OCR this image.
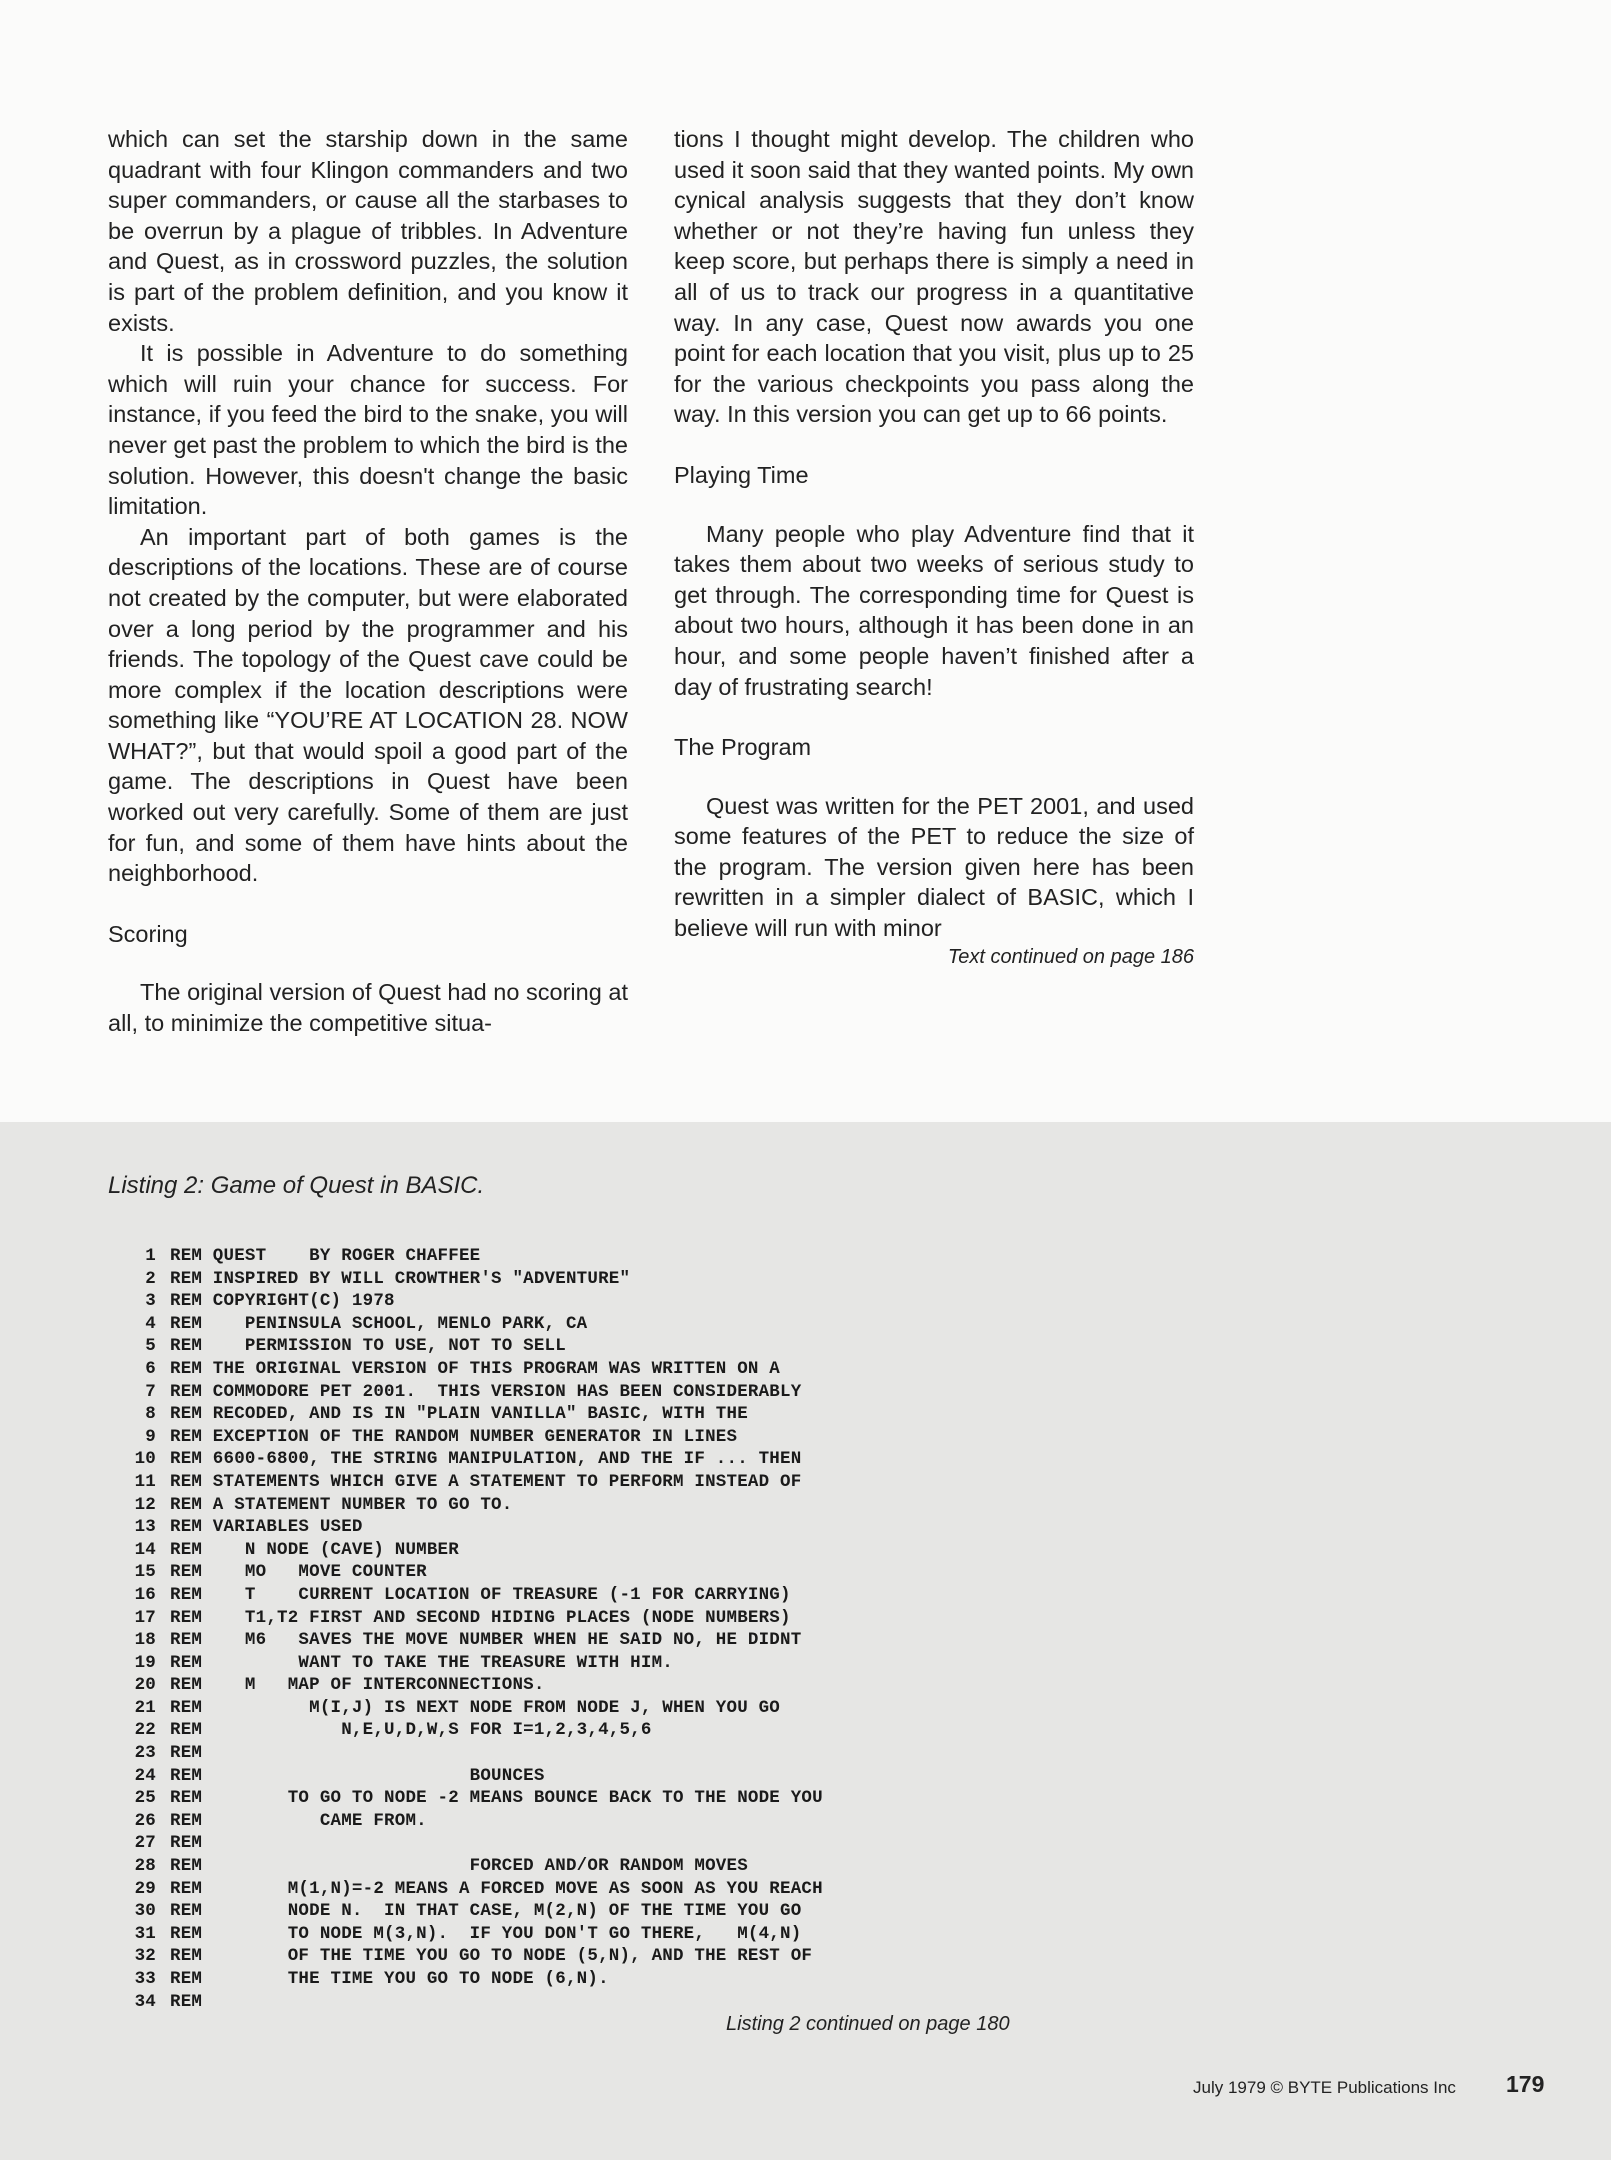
which can set the starship down in the same quadrant with four Klingon commanders and two super commanders, or cause all the starbases to be overrun by a plague of tribbles. In Adventure and Quest, as in crossword puzzles, the solution is part of the problem definition, and you know it exists.

It is possible in Adventure to do something which will ruin your chance for success. For instance, if you feed the bird to the snake, you will never get past the problem to which the bird is the solution. However, this doesn't change the basic limitation.

An important part of both games is the descriptions of the locations. These are of course not created by the computer, but were elaborated over a long period by the programmer and his friends. The topology of the Quest cave could be more complex if the location descriptions were something like “YOU’RE AT LOCATION 28. NOW WHAT?”, but that would spoil a good part of the game. The descriptions in Quest have been worked out very carefully. Some of them are just for fun, and some of them have hints about the neighborhood.

Scoring

The original version of Quest had no scoring at all, to minimize the competitive situa-

tions I thought might develop. The children who used it soon said that they wanted points. My own cynical analysis suggests that they don’t know whether or not they’re having fun unless they keep score, but perhaps there is simply a need in all of us to track our progress in a quantitative way. In any case, Quest now awards you one point for each location that you visit, plus up to 25 for the various checkpoints you pass along the way. In this version you can get up to 66 points.

Playing Time

Many people who play Adventure find that it takes them about two weeks of serious study to get through. The corresponding time for Quest is about two hours, although it has been done in an hour, and some people haven’t finished after a day of frustrating search!

The Program

Quest was written for the PET 2001, and used some features of the PET to reduce the size of the program. The version given here has been rewritten in a simpler dialect of BASIC, which I believe will run with minor

Text continued on page 186
Listing 2: Game of Quest in BASIC.
1 REM QUEST    BY ROGER CHAFFEE
2 REM INSPIRED BY WILL CROWTHER'S "ADVENTURE"
3 REM COPYRIGHT(C) 1978
4 REM    PENINSULA SCHOOL, MENLO PARK, CA
5 REM    PERMISSION TO USE, NOT TO SELL
6 REM THE ORIGINAL VERSION OF THIS PROGRAM WAS WRITTEN ON A
7 REM COMMODORE PET 2001.  THIS VERSION HAS BEEN CONSIDERABLY
8 REM RECODED, AND IS IN "PLAIN VANILLA" BASIC, WITH THE
9 REM EXCEPTION OF THE RANDOM NUMBER GENERATOR IN LINES
10 REM 6600-6800, THE STRING MANIPULATION, AND THE IF ... THEN
11 REM STATEMENTS WHICH GIVE A STATEMENT TO PERFORM INSTEAD OF
12 REM A STATEMENT NUMBER TO GO TO.
13 REM VARIABLES USED
14 REM    N NODE (CAVE) NUMBER
15 REM    MO   MOVE COUNTER
16 REM    T    CURRENT LOCATION OF TREASURE (-1 FOR CARRYING)
17 REM    T1,T2 FIRST AND SECOND HIDING PLACES (NODE NUMBERS)
18 REM    M6   SAVES THE MOVE NUMBER WHEN HE SAID NO, HE DIDNT
19 REM         WANT TO TAKE THE TREASURE WITH HIM.
20 REM    M   MAP OF INTERCONNECTIONS.
21 REM          M(I,J) IS NEXT NODE FROM NODE J, WHEN YOU GO
22 REM             N,E,U,D,W,S FOR I=1,2,3,4,5,6
23 REM
24 REM                         BOUNCES
25 REM        TO GO TO NODE -2 MEANS BOUNCE BACK TO THE NODE YOU
26 REM           CAME FROM.
27 REM
28 REM                         FORCED AND/OR RANDOM MOVES
29 REM        M(1,N)=-2 MEANS A FORCED MOVE AS SOON AS YOU REACH
30 REM        NODE N.  IN THAT CASE, M(2,N) OF THE TIME YOU GO
31 REM        TO NODE M(3,N).  IF YOU DON'T GO THERE,   M(4,N)
32 REM        OF THE TIME YOU GO TO NODE (5,N), AND THE REST OF
33 REM        THE TIME YOU GO TO NODE (6,N).
34 REM
Listing 2 continued on page 180
July 1979 © BYTE Publications Inc 179
